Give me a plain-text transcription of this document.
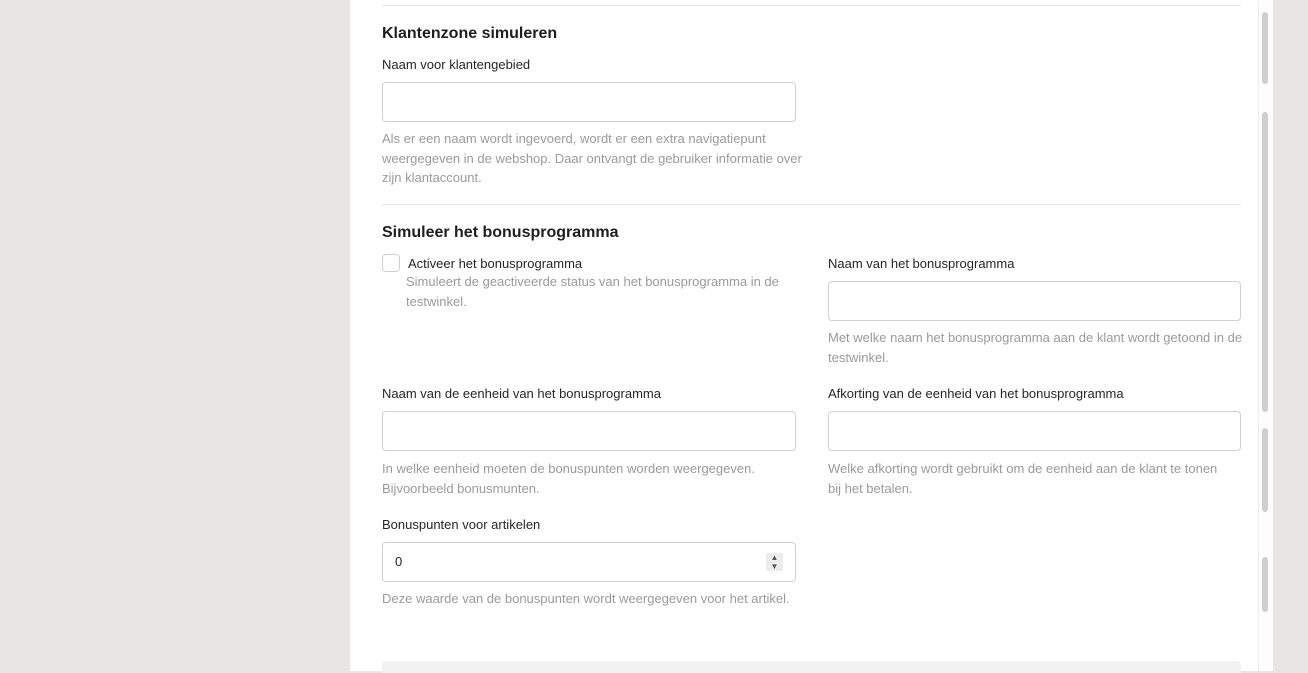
Klantenzone simuleren
Naam voor klantengebied
Als er een naam wordt ingevoerd, wordt er een extra navigatiepunt weergegeven in de webshop. Daar ontvangt de gebruiker informatie over zijn klantaccount.
Simuleer het bonusprogramma
Activeer het bonusprogramma
Simuleert de geactiveerde status van het bonusprogramma in de testwinkel.
Naam van het bonusprogramma
Met welke naam het bonusprogramma aan de klant wordt getoond in de testwinkel.
Naam van de eenheid van het bonusprogramma
In welke eenheid moeten de bonuspunten worden weergegeven. Bijvoorbeeld bonusmunten.
Afkorting van de eenheid van het bonusprogramma
Welke afkorting wordt gebruikt om de eenheid aan de klant te tonen bij het betalen.
Bonuspunten voor artikelen
0	▲
▼
Deze waarde van de bonuspunten wordt weergegeven voor het artikel.
